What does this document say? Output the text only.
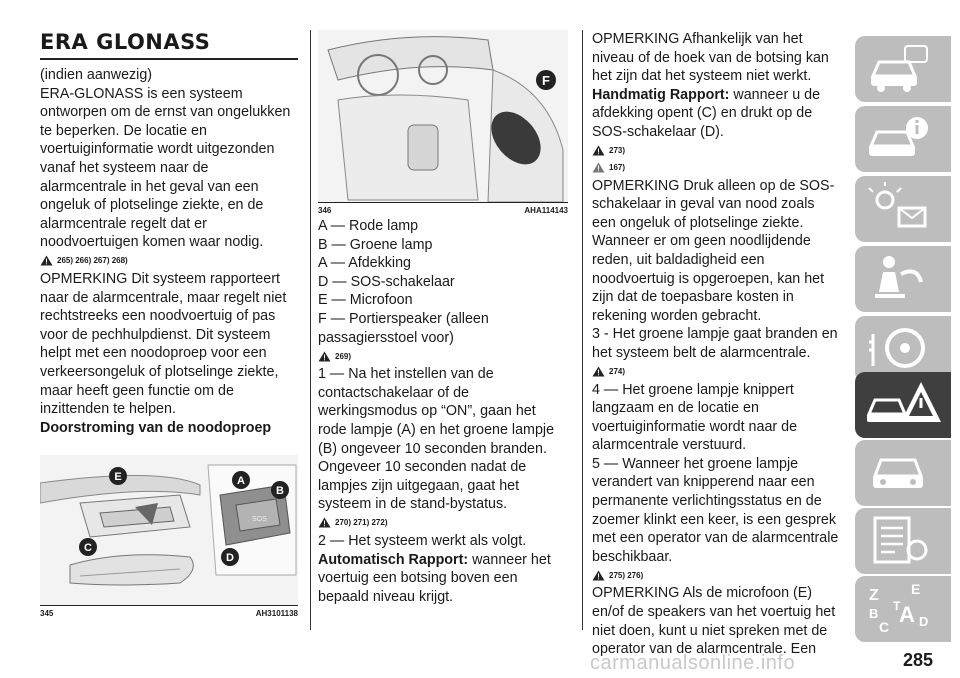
ERA GLONASS

(indien aanwezig)

ERA-GLONASS is een systeem ontworpen om de ernst van ongelukken te beperken. De locatie en voertuiginformatie wordt uitgezonden vanaf het systeem naar de alarmcentrale in het geval van een ongeluk of plotselinge ziekte, en de alarmcentrale regelt dat er noodvoertuigen komen waar nodig.

265) 266) 267) 268)

OPMERKING Dit systeem rapporteert naar de alarmcentrale, maar regelt niet rechtstreeks een noodvoertuig of pas voor de pechhulpdienst. Dit systeem helpt met een noodoproep voor een verkeersongeluk of plotselinge ziekte, maar heeft geen functie om de inzittenden te helpen.

Doorstroming van de noodoproep

SOS
E	A
B
C
D
345	AH3101138
F
346	AHA114143

A — Rode lamp

B — Groene lamp

A — Afdekking

D — SOS-schakelaar

E — Microfoon

F — Portierspeaker (alleen passagiersstoel voor)

269)

1 — Na het instellen van de contactschakelaar of de werkingsmodus op “ON”, gaan het rode lampje (A) en het groene lampje (B) ongeveer 10 seconden branden. Ongeveer 10 seconden nadat de lampjes zijn uitgegaan, gaat het systeem in de stand-bystatus.

270) 271) 272)

2 — Het systeem werkt als volgt.

Automatisch Rapport: wanneer het voertuig een botsing boven een bepaald niveau krijgt.

OPMERKING Afhankelijk van het niveau of de hoek van de botsing kan het zijn dat het systeem niet werkt.

Handmatig Rapport: wanneer u de afdekking opent (C) en drukt op de SOS-schakelaar (D).

273)
167)

OPMERKING Druk alleen op de SOS-schakelaar in geval van nood zoals een ongeluk of plotselinge ziekte. Wanneer er om geen noodlijdende reden, uit baldadigheid een noodvoertuig is opgeroepen, kan het zijn dat de toepasbare kosten in rekening worden gebracht.

3 - Het groene lampje gaat branden en het systeem belt de alarmcentrale.

274)

4 — Het groene lampje knippert langzaam en de locatie en voertuiginformatie wordt naar de alarmcentrale verstuurd.

5 — Wanneer het groene lampje verandert van knipperend naar een permanente verlichtingsstatus en de zoemer klinkt een keer, is een gesprek met een operator van de alarmcentrale beschikbaar.

275) 276)

OPMERKING Als de microfoon (E) en/of de speakers van het voertuig het niet doen, kunt u niet spreken met de operator van de alarmcentrale. Een

Z E
B A
C
T
D
carmanualsonline.info	285
